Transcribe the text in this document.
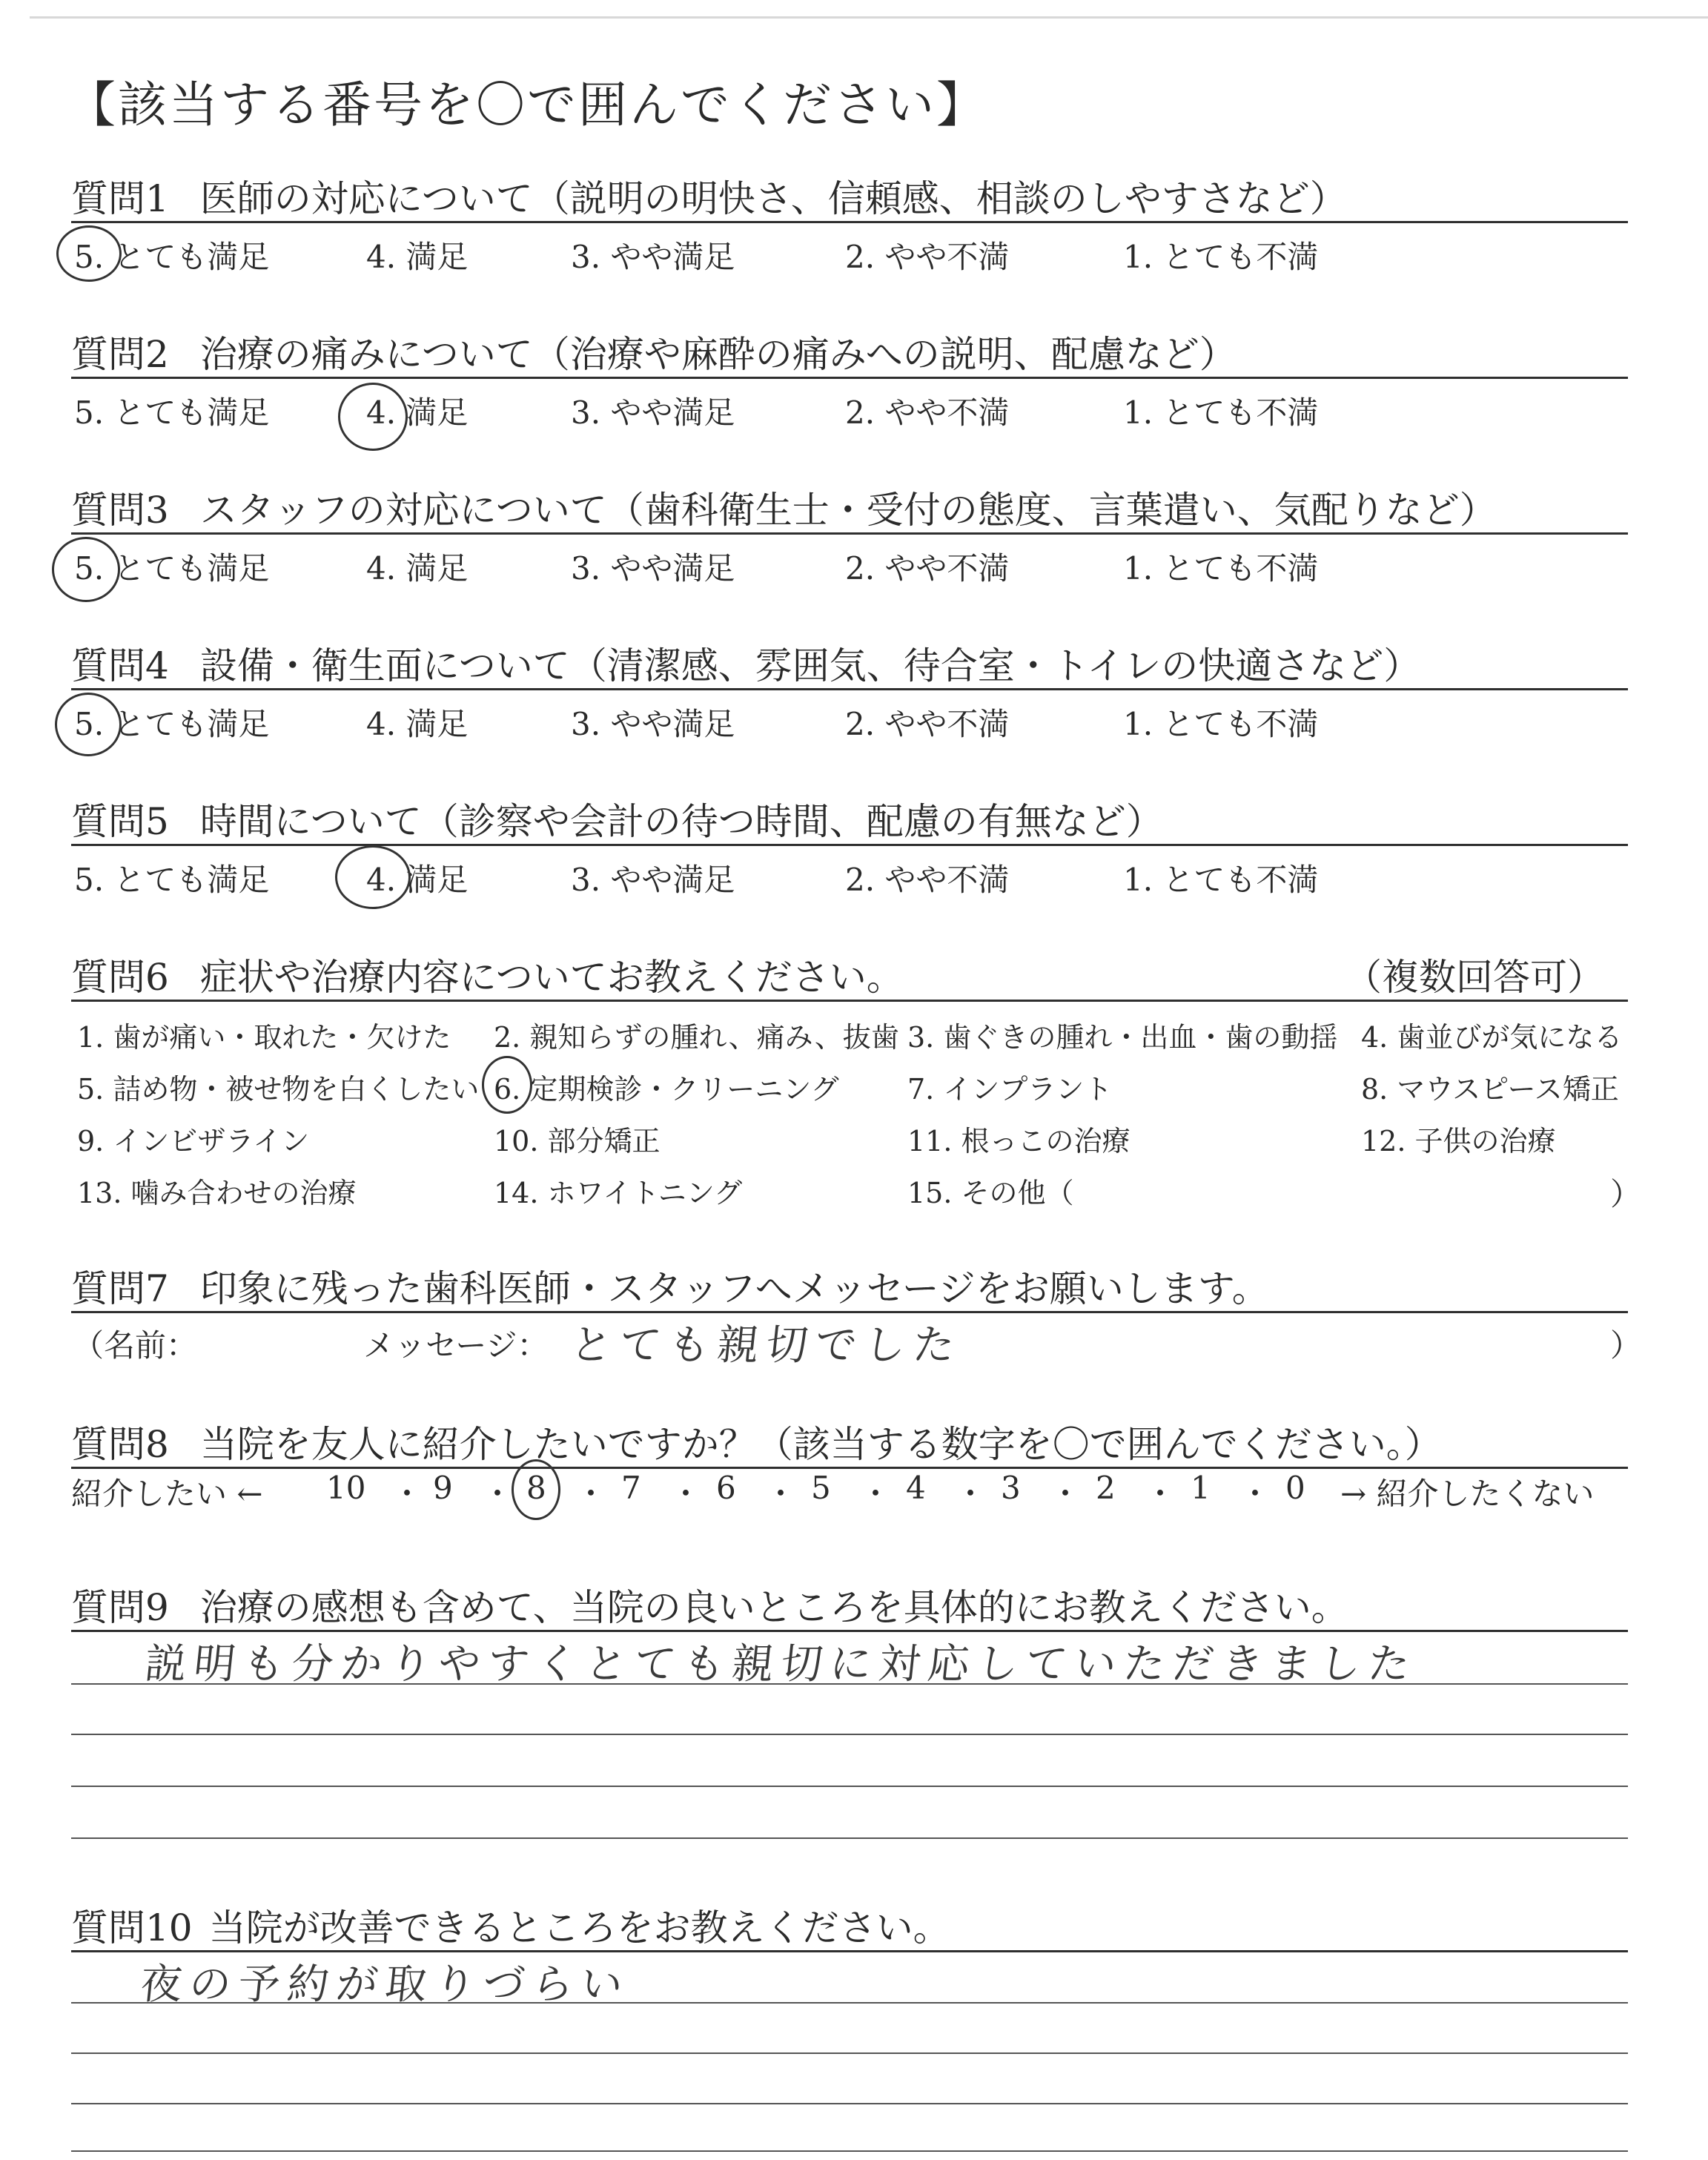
【該当する番号を〇で囲んでください】
質問1 医師の対応について（説明の明快さ、信頼感、相談のしやすさなど）
5. とても満足	4. 満足	3. やや満足	2. やや不満	1. とても不満
質問2 治療の痛みについて（治療や麻酔の痛みへの説明、配慮など）
5. とても満足	4. 満足	3. やや満足	2. やや不満	1. とても不満
質問3 スタッフの対応について（歯科衛生士・受付の態度、言葉遣い、気配りなど）
5. とても満足	4. 満足	3. やや満足	2. やや不満	1. とても不満
質問4 設備・衛生面について（清潔感、雰囲気、待合室・トイレの快適さなど）
5. とても満足	4. 満足	3. やや満足	2. やや不満	1. とても不満
質問5 時間について（診察や会計の待つ時間、配慮の有無など）
5. とても満足	4. 満足	3. やや満足	2. やや不満	1. とても不満
質問6 症状や治療内容についてお教えください。	（複数回答可）
1. 歯が痛い・取れた・欠けた 2. 親知らずの腫れ、痛み、抜歯 3. 歯ぐきの腫れ・出血・歯の動揺 4. 歯並びが気になる
5. 詰め物・被せ物を白くしたい 6. 定期検診・クリーニング 7. インプラント	8. マウスピース矯正
9. インビザライン	10. 部分矯正	11. 根っこの治療	12. 子供の治療
13. 噛み合わせの治療	14. ホワイトニング	15. その他（	）
質問7 印象に残った歯科医師・スタッフへメッセージをお願いします。
（名前：	メッセージ： とても親切でした	）
質問8 当院を友人に紹介したいですか？（該当する数字を〇で囲んでください。）
紹介したい ← 10 ・ 9 ・ 8 ・ 7 ・ 6 ・ 5 ・ 4 ・ 3 ・ 2 ・ 1 ・ 0 → 紹介したくない
質問9 治療の感想も含めて、当院の良いところを具体的にお教えください。
説明も分かりやすくとても親切に対応していただきました
質問10 当院が改善できるところをお教えください。
夜の予約が取りづらい
